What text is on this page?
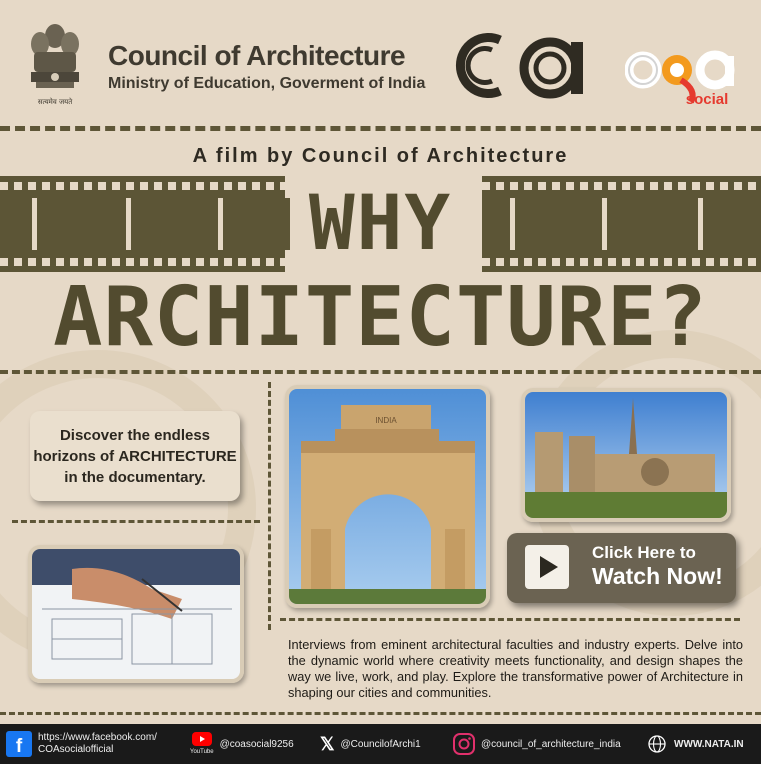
सत्यमेव जयते
Council of Architecture
Ministry of Education, Goverment of India
social
A film by Council of Architecture
WHY
ARCHITECTURE?
Discover the endless
horizons of ARCHITECTURE
in the documentary.
INDIA
Click Here to
Watch Now!
Interviews from eminent architectural faculties and industry experts. Delve into the dynamic world where creativity meets functionality, and design shapes the way we live, work, and play. Explore the transformative power of Architecture in shaping our cities and communities.
f https://www.facebook.com/
COAsocialofficial	YouTube
@coasocial9256 𝕏 @CouncilofArchi1	@council_of_architecture_india	WWW.NATA.IN
